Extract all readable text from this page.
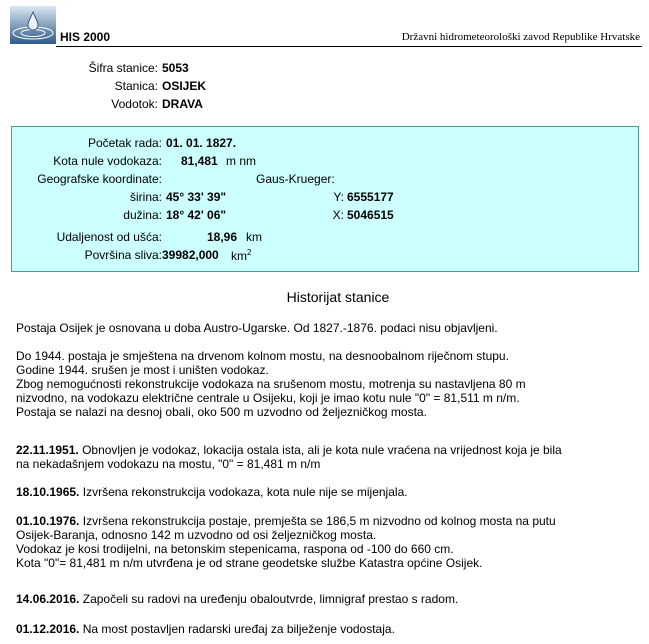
HIS 2000	Državni hidrometeorološki zavod Republike Hrvatske
Šifra stanice: 5053
Stanica: OSIJEK
Vodotok: DRAVA
Početak rada: 01. 01. 1827.
Kota nule vodokaza: 81,481 m nm
Geografske koordinate:	Gaus-Krueger:
širina: 45° 33' 39"	Y: 6555177
dužina: 18° 42' 06"	X: 5046515
Udaljenost od ušća:	18,96 km
Površina sliva: 39982,000 $km^2$
Historijat stanice

Postaja Osijek je osnovana u doba Austro-Ugarske. Od 1827.-1876. podaci nisu objavljeni.

Do 1944. postaja je smještena na drvenom kolnom mostu, na desnoobalnom riječnom stupu.

Godine 1944. srušen je most i uništen vodokaz.

Zbog nemogućnosti rekonstrukcije vodokaza na srušenom mostu, motrenja su nastavljena 80 m

nizvodno, na vodokazu električne centrale u Osijeku, koji je imao kotu nule "0" = 81,511 m n/m.

Postaja se nalazi na desnoj obali, oko 500 m uzvodno od željezničkog mosta.

22.11.1951. Obnovljen je vodokaz, lokacija ostala ista, ali je kota nule vraćena na vrijednost koja je bila

na nekadašnjem vodokazu na mostu, "0" = 81,481 m n/m

18.10.1965. Izvršena rekonstrukcija vodokaza, kota nule nije se mijenjala.

01.10.1976. Izvršena rekonstrukcija postaje, premješta se 186,5 m nizvodno od kolnog mosta na putu

Osijek-Baranja, odnosno 142 m uzvodno od osi željezničkog mosta.

Vodokaz je kosi trodijelni, na betonskim stepenicama, raspona od -100 do 660 cm.

Kota "0"= 81,481 m n/m utvrđena je od strane geodetske službe Katastra općine Osijek.

14.06.2016. Započeli su radovi na uređenju obaloutvrde, limnigraf prestao s radom.

01.12.2016. Na most postavljen radarski uređaj za bilježenje vodostaja.
